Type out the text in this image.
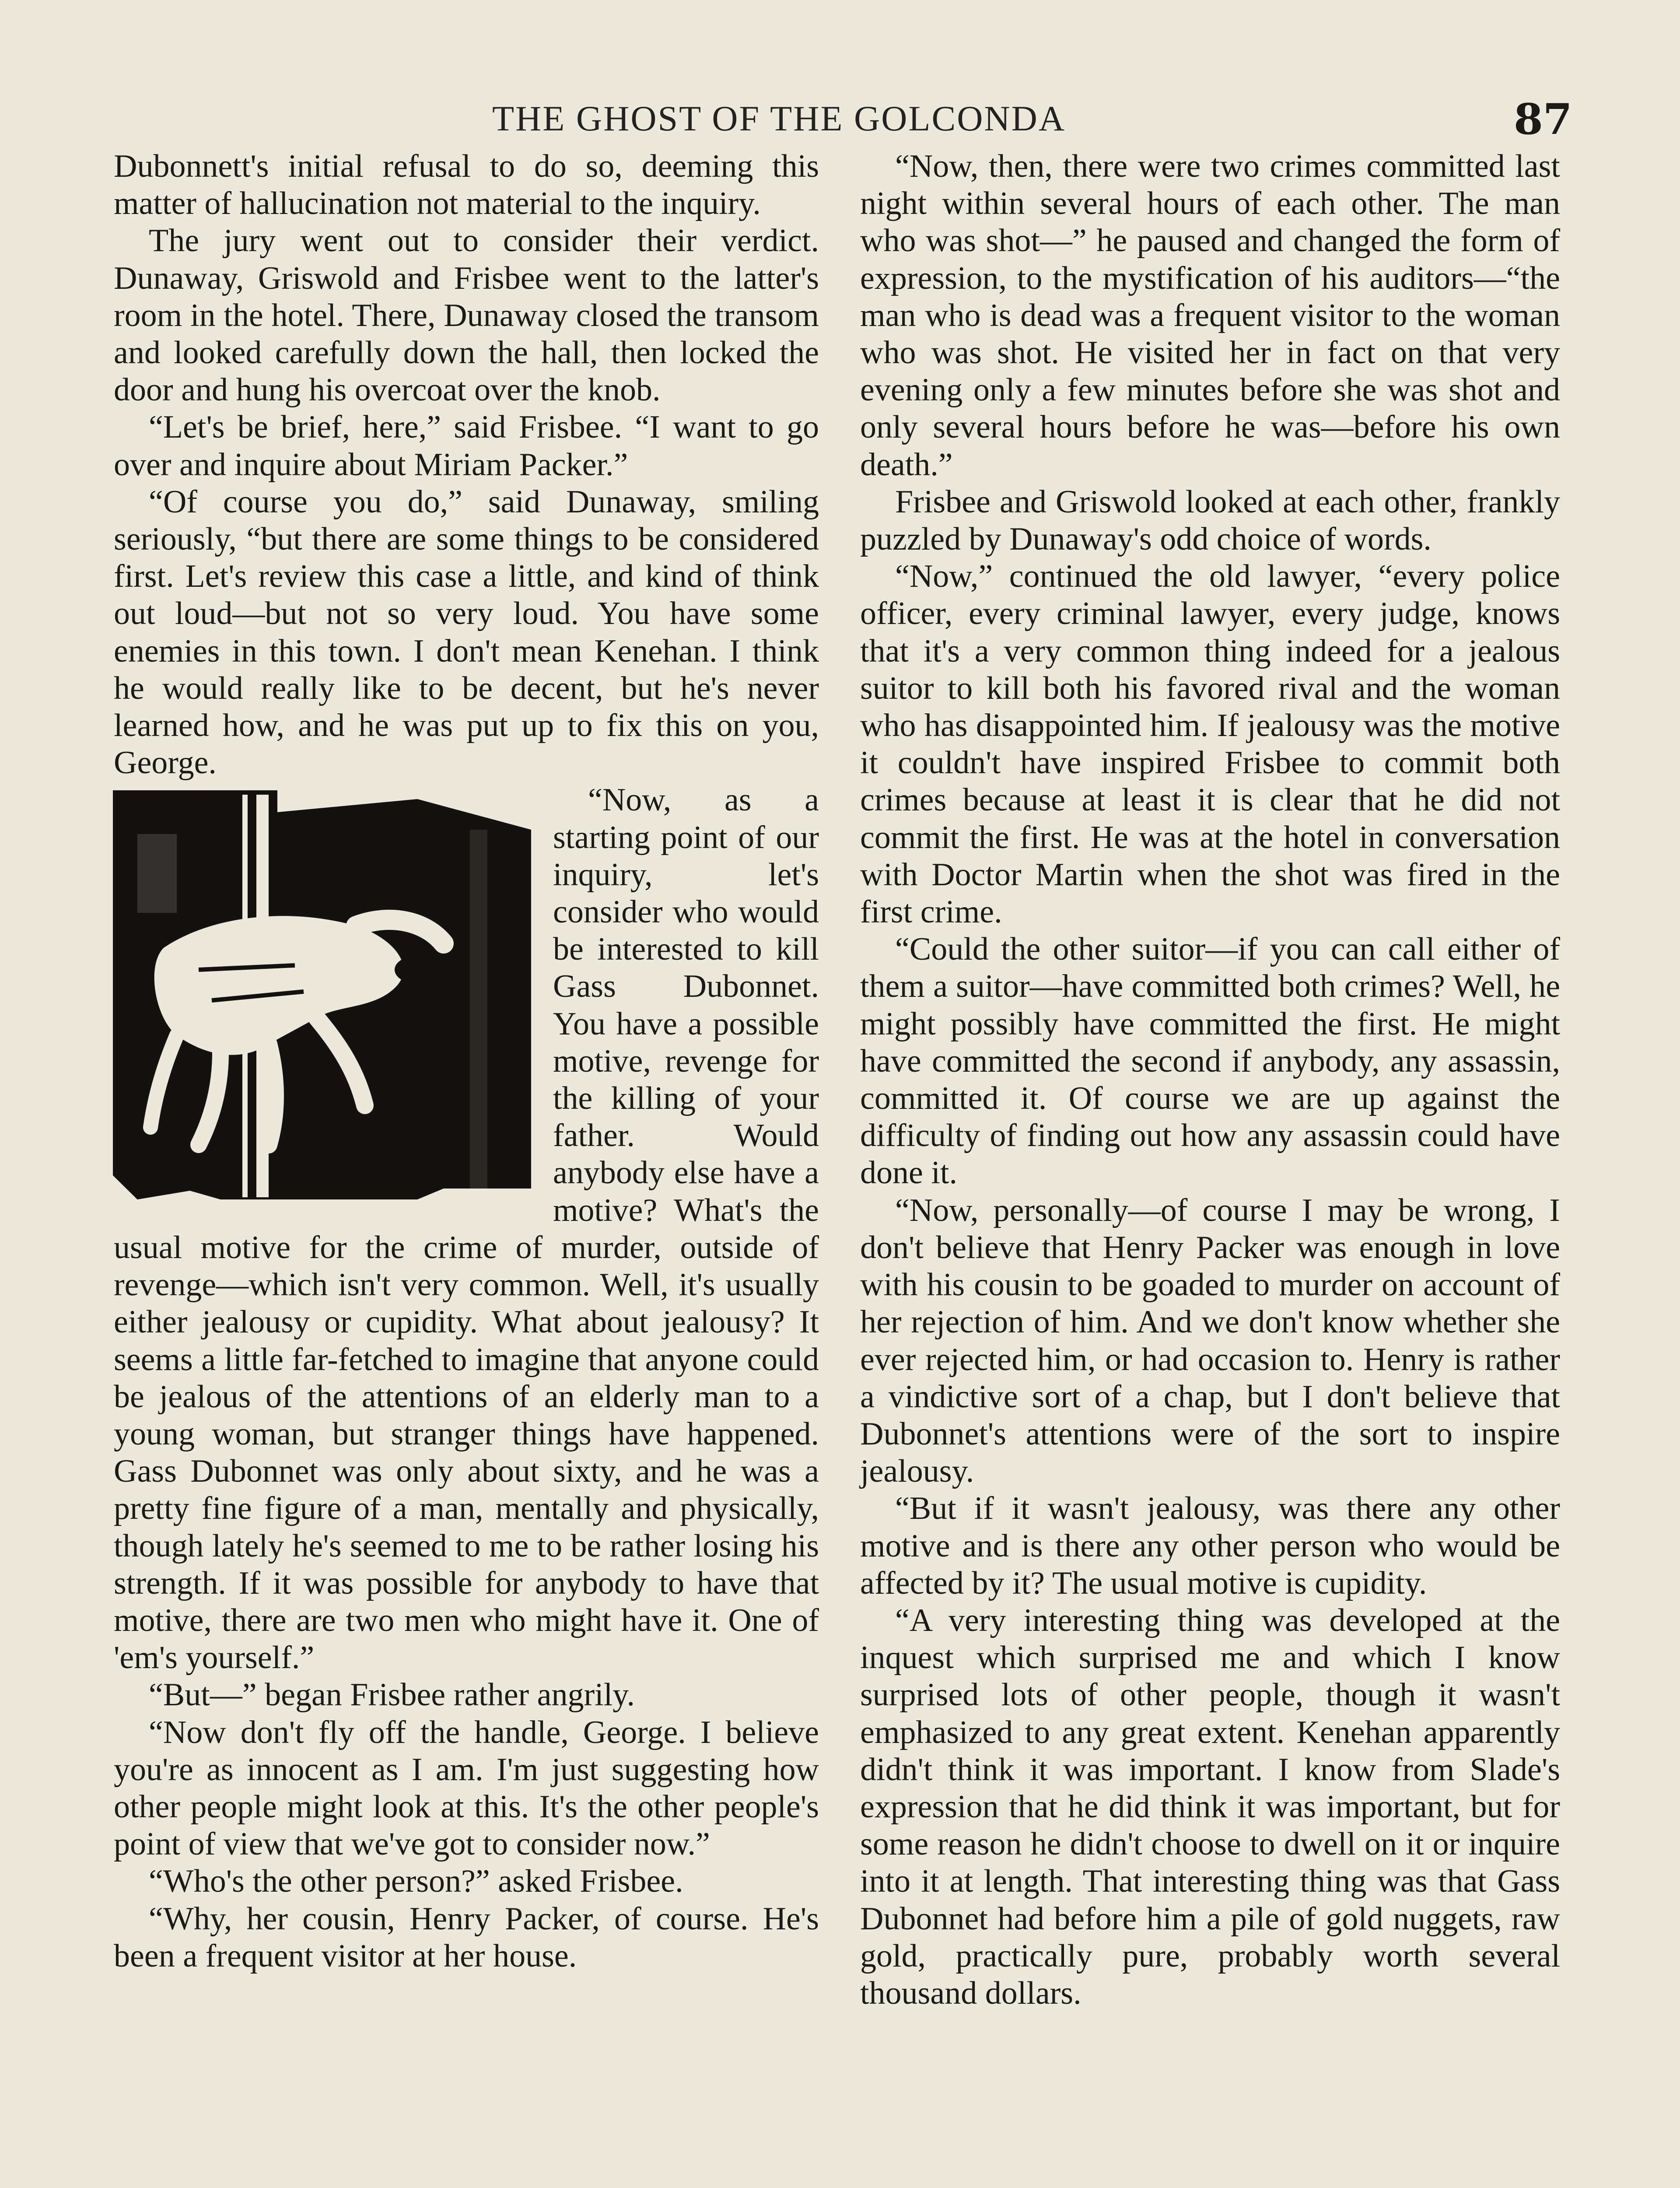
THE GHOST OF THE GOLCONDA	87

Dubonnett's initial refusal to do so, deeming this matter of hallucination not material to the inquiry.

The jury went out to consider their verdict. Dunaway, Griswold and Frisbee went to the latter's room in the hotel. There, Dunaway closed the transom and looked carefully down the hall, then locked the door and hung his overcoat over the knob.

“Let's be brief, here,” said Frisbee. “I want to go over and inquire about Miriam Packer.”

“Of course you do,” said Dunaway, smiling seriously, “but there are some things to be considered first. Let's review this case a little, and kind of think out loud—but not so very loud. You have some enemies in this town. I don't mean Kenehan. I think he would really like to be decent, but he's never learned how, and he was put up to fix this on you, George.

“Now, as a starting point of our inquiry, let's consider who would be interested to kill Gass Dubonnet. You have a possible motive, revenge for the killing of your father. Would anybody else have a motive? What's the usual motive for the crime of murder, outside of revenge—which isn't very common. Well, it's usually either jealousy or cupidity. What about jealousy? It seems a little far-fetched to imagine that anyone could be jealous of the attentions of an elderly man to a young woman, but stranger things have happened. Gass Dubonnet was only about sixty, and he was a pretty fine figure of a man, mentally and physically, though lately he's seemed to me to be rather losing his strength. If it was possible for anybody to have that motive, there are two men who might have it. One of 'em's yourself.”

“But—” began Frisbee rather angrily.

“Now don't fly off the handle, George. I believe you're as innocent as I am. I'm just suggesting how other people might look at this. It's the other people's point of view that we've got to consider now.”

“Who's the other person?” asked Frisbee.

“Why, her cousin, Henry Packer, of course. He's been a frequent visitor at her house.

“Now, then, there were two crimes committed last night within several hours of each other. The man who was shot—” he paused and changed the form of expression, to the mystification of his auditors—“the man who is dead was a frequent visitor to the woman who was shot. He visited her in fact on that very evening only a few minutes before she was shot and only several hours before he was—before his own death.”

Frisbee and Griswold looked at each other, frankly puzzled by Dunaway's odd choice of words.

“Now,” continued the old lawyer, “every police officer, every criminal lawyer, every judge, knows that it's a very common thing indeed for a jealous suitor to kill both his favored rival and the woman who has disappointed him. If jealousy was the motive it couldn't have inspired Frisbee to commit both crimes because at least it is clear that he did not commit the first. He was at the hotel in conversation with Doctor Martin when the shot was fired in the first crime.

“Could the other suitor—if you can call either of them a suitor—have committed both crimes? Well, he might possibly have committed the first. He might have committed the second if anybody, any assassin, committed it. Of course we are up against the difficulty of finding out how any assassin could have done it.

“Now, personally—of course I may be wrong, I don't believe that Henry Packer was enough in love with his cousin to be goaded to murder on account of her rejection of him. And we don't know whether she ever rejected him, or had occasion to. Henry is rather a vindictive sort of a chap, but I don't believe that Dubonnet's attentions were of the sort to inspire jealousy.

“But if it wasn't jealousy, was there any other motive and is there any other person who would be affected by it? The usual motive is cupidity.

“A very interesting thing was developed at the inquest which surprised me and which I know surprised lots of other people, though it wasn't emphasized to any great extent. Kenehan apparently didn't think it was important. I know from Slade's expression that he did think it was important, but for some reason he didn't choose to dwell on it or inquire into it at length. That interesting thing was that Gass Dubonnet had before him a pile of gold nuggets, raw gold, practically pure, probably worth several thousand dollars.
